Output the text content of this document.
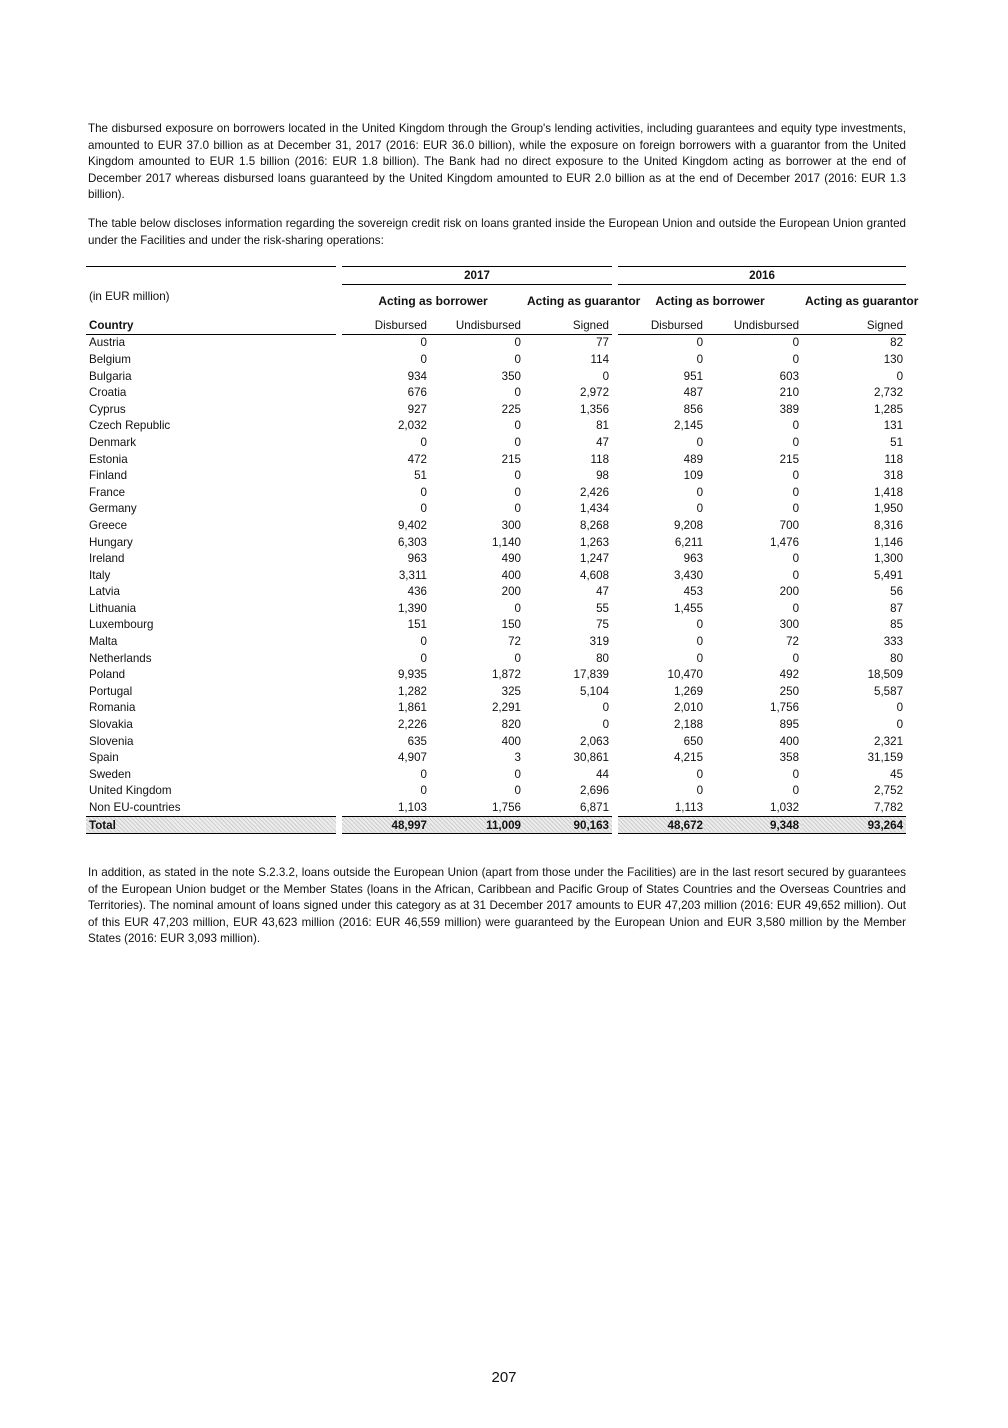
The disbursed exposure on borrowers located in the United Kingdom through the Group's lending activities, including guarantees and equity type investments, amounted to EUR 37.0 billion as at December 31, 2017 (2016: EUR 36.0 billion), while the exposure on foreign borrowers with a guarantor from the United Kingdom amounted to EUR 1.5 billion (2016: EUR 1.8 billion). The Bank had no direct exposure to the United Kingdom acting as borrower at the end of December 2017 whereas disbursed loans guaranteed by the United Kingdom amounted to EUR 2.0 billion as at the end of December 2017 (2016: EUR 1.3 billion).

The table below discloses information regarding the sovereign credit risk on loans granted inside the European Union and outside the European Union granted under the Facilities and under the risk-sharing operations:

		2017				2016		
(in EUR million)		Acting as borrower		Acting as guarantor		Acting as borrower		Acting as guarantor
Country		Disbursed	Undisbursed	Signed		Disbursed	Undisbursed	Signed
Austria		0	0	77		0	0	82
Belgium		0	0	114		0	0	130
Bulgaria		934	350	0		951	603	0
Croatia		676	0	2,972		487	210	2,732
Cyprus		927	225	1,356		856	389	1,285
Czech Republic		2,032	0	81		2,145	0	131
Denmark		0	0	47		0	0	51
Estonia		472	215	118		489	215	118
Finland		51	0	98		109	0	318
France		0	0	2,426		0	0	1,418
Germany		0	0	1,434		0	0	1,950
Greece		9,402	300	8,268		9,208	700	8,316
Hungary		6,303	1,140	1,263		6,211	1,476	1,146
Ireland		963	490	1,247		963	0	1,300
Italy		3,311	400	4,608		3,430	0	5,491
Latvia		436	200	47		453	200	56
Lithuania		1,390	0	55		1,455	0	87
Luxembourg		151	150	75		0	300	85
Malta		0	72	319		0	72	333
Netherlands		0	0	80		0	0	80
Poland		9,935	1,872	17,839		10,470	492	18,509
Portugal		1,282	325	5,104		1,269	250	5,587
Romania		1,861	2,291	0		2,010	1,756	0
Slovakia		2,226	820	0		2,188	895	0
Slovenia		635	400	2,063		650	400	2,321
Spain		4,907	3	30,861		4,215	358	31,159
Sweden		0	0	44		0	0	45
United Kingdom		0	0	2,696		0	0	2,752
Non EU-countries		1,103	1,756	6,871		1,113	1,032	7,782
Total		48,997	11,009	90,163		48,672	9,348	93,264

In addition, as stated in the note S.2.3.2, loans outside the European Union (apart from those under the Facilities) are in the last resort secured by guarantees of the European Union budget or the Member States (loans in the African, Caribbean and Pacific Group of States Countries and the Overseas Countries and Territories). The nominal amount of loans signed under this category as at 31 December 2017 amounts to EUR 47,203 million (2016: EUR 49,652 million). Out of this EUR 47,203 million, EUR 43,623 million (2016: EUR 46,559 million) were guaranteed by the European Union and EUR 3,580 million by the Member States (2016: EUR 3,093 million).

207
